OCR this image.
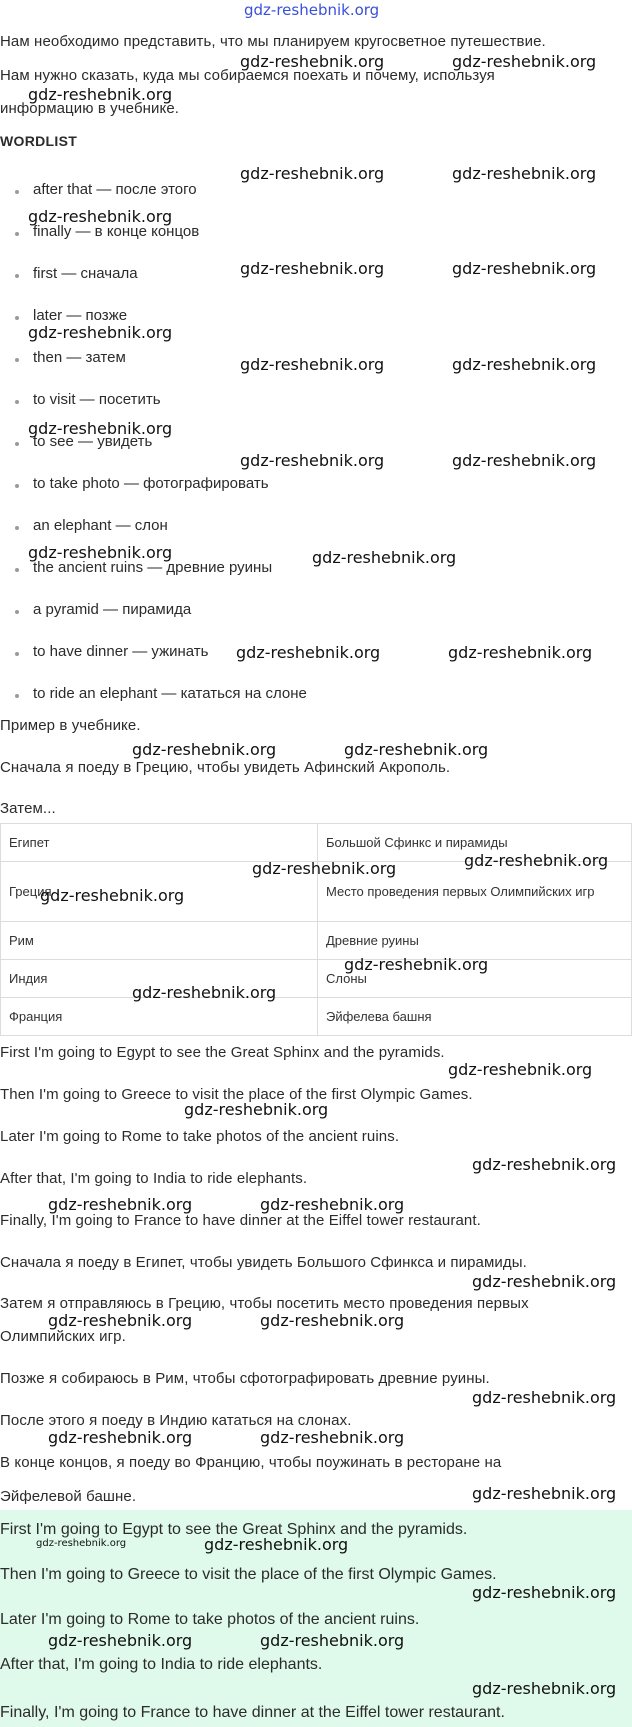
gdz-reshebnik.org
Нам необходимо представить, что мы планируем кругосветное путешествие.
Нам нужно сказать, куда мы собираемся поехать и почему, используя
информацию в учебнике.
WORDLIST
after that — после этого
finally — в конце концов
first — сначала
later — позже
then — затем
to visit — посетить
to see — увидеть
to take photo — фотографировать
an elephant — слон
the ancient ruins — древние руины
a pyramid — пирамида
to have dinner — ужинать
to ride an elephant — кататься на слоне
Пример в учебнике.
Сначала я поеду в Грецию, чтобы увидеть Афинский Акрополь.
Затем...
Египет	Большой Сфинкс и пирамиды
Греция	Место проведения первых Олимпийских игр
Рим	Древние руины
Индия	Слоны
Франция	Эйфелева башня
First I'm going to Egypt to see the Great Sphinx and the pyramids.
Then I'm going to Greece to visit the place of the first Olympic Games.
Later I'm going to Rome to take photos of the ancient ruins.
After that, I'm going to India to ride elephants.
Finally, I'm going to France to have dinner at the Eiffel tower restaurant.
Сначала я поеду в Египет, чтобы увидеть Большого Сфинкса и пирамиды.
Затем я отправляюсь в Грецию, чтобы посетить место проведения первых
Олимпийских игр.
Позже я собираюсь в Рим, чтобы сфотографировать древние руины.
После этого я поеду в Индию кататься на слонах.
В конце концов, я поеду во Францию, чтобы поужинать в ресторане на
Эйфелевой башне.
First I'm going to Egypt to see the Great Sphinx and the pyramids.
Then I'm going to Greece to visit the place of the first Olympic Games.
Later I'm going to Rome to take photos of the ancient ruins.
After that, I'm going to India to ride elephants.
Finally, I'm going to France to have dinner at the Eiffel tower restaurant.
gdz-reshebnik.org	gdz-reshebnik.org
gdz-reshebnik.org
gdz-reshebnik.org	gdz-reshebnik.org
gdz-reshebnik.org
gdz-reshebnik.org	gdz-reshebnik.org
gdz-reshebnik.org
gdz-reshebnik.org	gdz-reshebnik.org
gdz-reshebnik.org
gdz-reshebnik.org	gdz-reshebnik.org
gdz-reshebnik.org	gdz-reshebnik.org
gdz-reshebnik.org	gdz-reshebnik.org
gdz-reshebnik.org	gdz-reshebnik.org
gdz-reshebnik.org
gdz-reshebnik.org
gdz-reshebnik.org
gdz-reshebnik.org
gdz-reshebnik.org
gdz-reshebnik.org
gdz-reshebnik.org
gdz-reshebnik.org
gdz-reshebnik.org	gdz-reshebnik.org
gdz-reshebnik.org
gdz-reshebnik.org	gdz-reshebnik.org
gdz-reshebnik.org
gdz-reshebnik.org	gdz-reshebnik.org
gdz-reshebnik.org
gdz-reshebnik.org	gdz-reshebnik.org
gdz-reshebnik.org
gdz-reshebnik.org	gdz-reshebnik.org
gdz-reshebnik.org
